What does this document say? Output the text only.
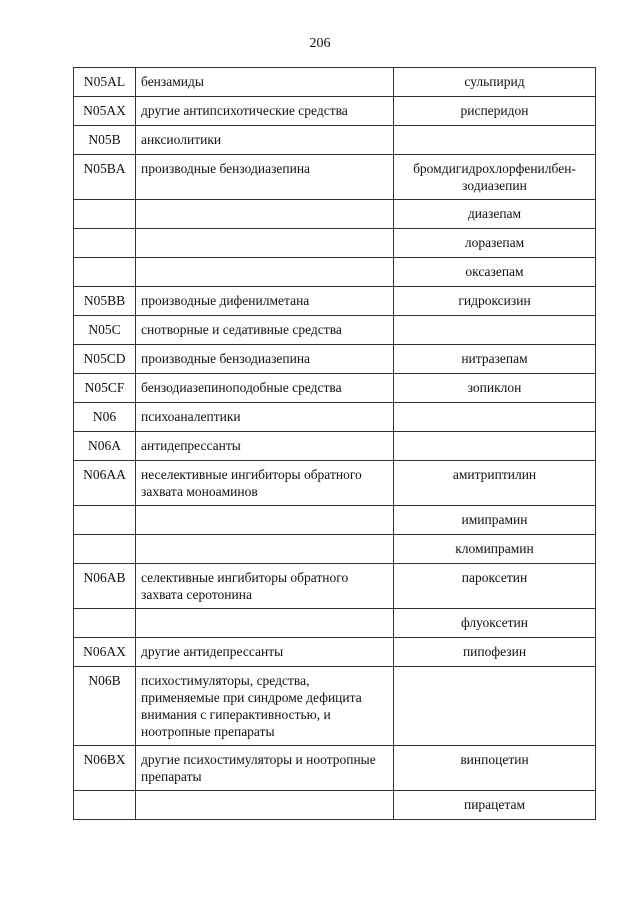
206
N05AL	бензамиды	сульпирид
N05AX	другие антипсихотические средства	рисперидон
N05B	анксиолитики	
N05BA	производные бензодиазепина	бромдигидрохлорфенилбен-
зодиазепин
		диазепам
		лоразепам
		оксазепам
N05BB	производные дифенилметана	гидроксизин
N05C	снотворные и седативные средства	
N05CD	производные бензодиазепина	нитразепам
N05CF	бензодиазепиноподобные средства	зопиклон
N06	психоаналептики	
N06A	антидепрессанты	
N06AA	неселективные ингибиторы обратного захвата моноаминов	амитриптилин
		имипрамин
		кломипрамин
N06AB	селективные ингибиторы обратного захвата серотонина	пароксетин
		флуоксетин
N06AX	другие антидепрессанты	пипофезин
N06B	психостимуляторы, средства, применяемые при синдроме дефицита внимания с гиперактивностью, и ноотропные препараты	
N06BX	другие психостимуляторы и ноотропные препараты	винпоцетин
		пирацетам
